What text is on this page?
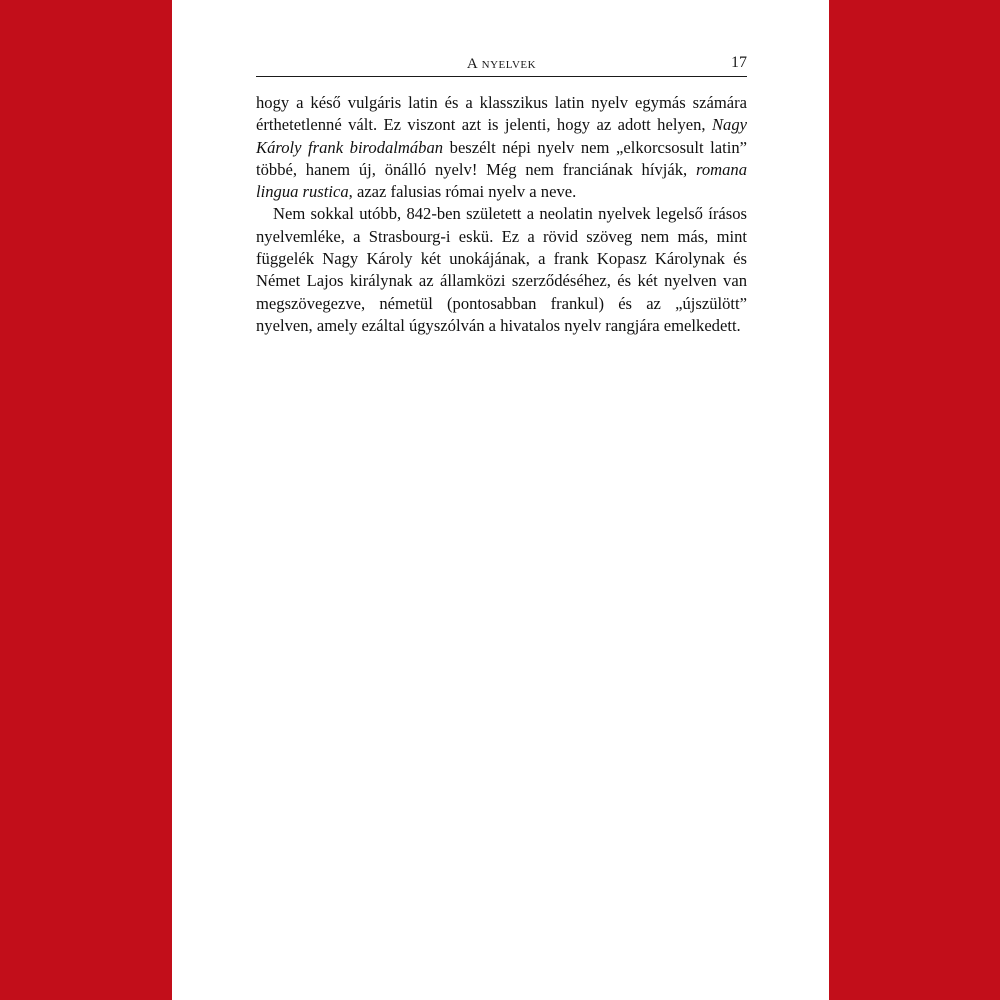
A nyelvek	17

hogy a késő vulgáris latin és a klasszikus latin nyelv egymás számára érthetetlenné vált. Ez viszont azt is jelenti, hogy az adott helyen, Nagy Károly frank birodalmában beszélt népi nyelv nem „elkorcsosult latin” többé, hanem új, önálló nyelv! Még nem franciának hívják, romana lingua rustica, azaz falusias római nyelv a neve.

Nem sokkal utóbb, 842-ben született a neolatin nyelvek legelső írásos nyelvemléke, a Strasbourg-i eskü. Ez a rövid szöveg nem más, mint függelék Nagy Károly két unokájának, a frank Kopasz Károlynak és Német Lajos királynak az államközi szerződéséhez, és két nyelven van megszövegezve, németül (pontosabban frankul) és az „újszülött” nyelven, amely ezáltal úgyszólván a hivatalos nyelv rangjára emelkedett.
